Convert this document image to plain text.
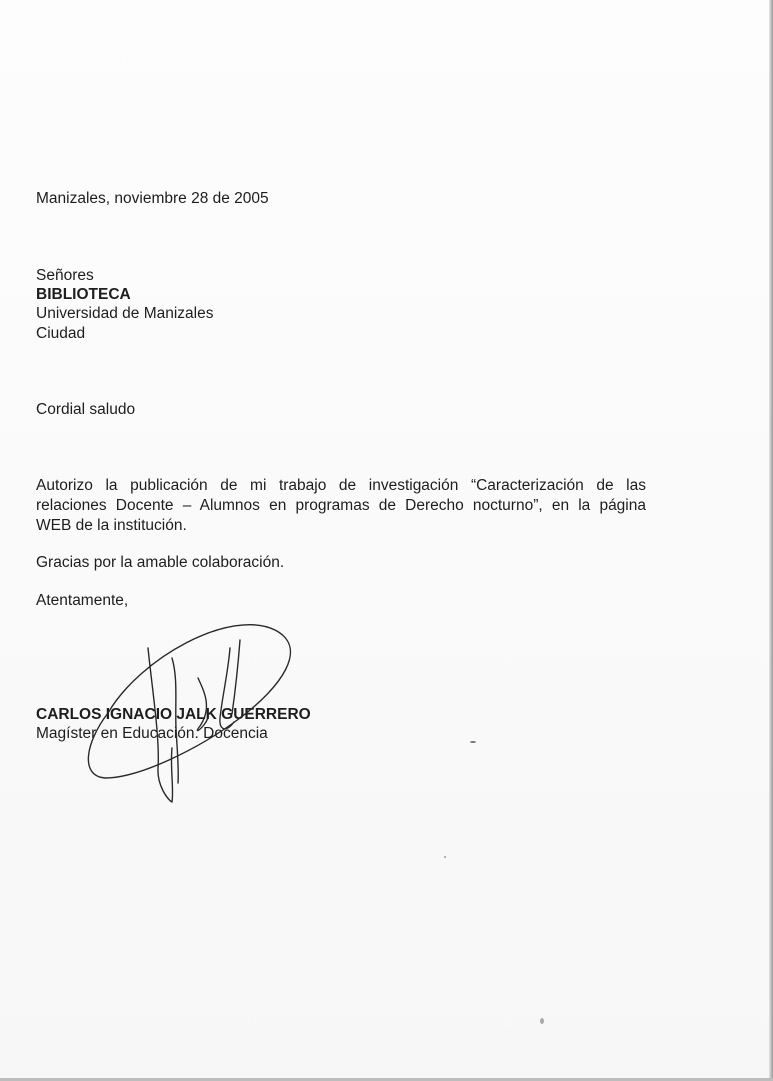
Manizales, noviembre 28 de 2005
Señores
BIBLIOTECA
Universidad de Manizales
Ciudad
Cordial saludo
Autorizo la publicación de mi trabajo de investigación “Caracterización de las
relaciones Docente – Alumnos en programas de Derecho nocturno”, en la página
WEB de la institución.
Gracias por la amable colaboración.
Atentamente,
CARLOS IGNACIO JALK GUERRERO
Magíster en Educación. Docencia
